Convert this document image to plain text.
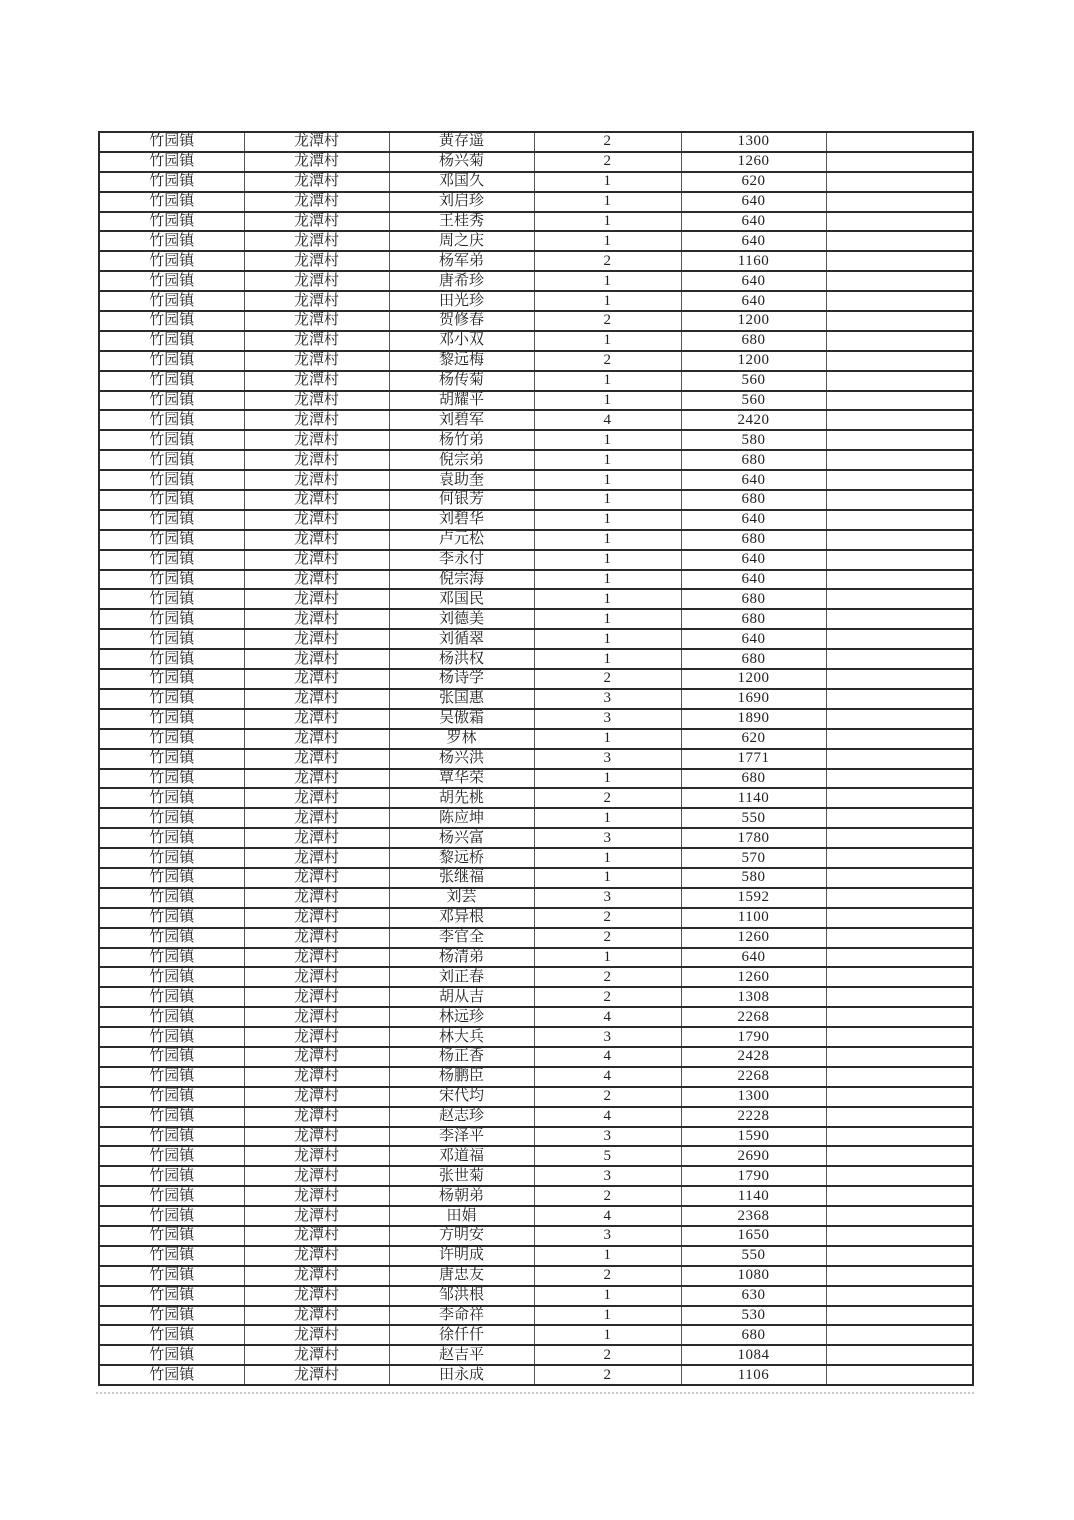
竹园镇	龙潭村	黄存遥	2	1300	
竹园镇	龙潭村	杨兴菊	2	1260	
竹园镇	龙潭村	邓国久	1	620	
竹园镇	龙潭村	刘启珍	1	640	
竹园镇	龙潭村	王桂秀	1	640	
竹园镇	龙潭村	周之庆	1	640	
竹园镇	龙潭村	杨军弟	2	1160	
竹园镇	龙潭村	唐希珍	1	640	
竹园镇	龙潭村	田光珍	1	640	
竹园镇	龙潭村	贺修春	2	1200	
竹园镇	龙潭村	邓小双	1	680	
竹园镇	龙潭村	黎远梅	2	1200	
竹园镇	龙潭村	杨传菊	1	560	
竹园镇	龙潭村	胡耀平	1	560	
竹园镇	龙潭村	刘碧军	4	2420	
竹园镇	龙潭村	杨竹弟	1	580	
竹园镇	龙潭村	倪宗弟	1	680	
竹园镇	龙潭村	袁助奎	1	640	
竹园镇	龙潭村	何银芳	1	680	
竹园镇	龙潭村	刘碧华	1	640	
竹园镇	龙潭村	卢元松	1	680	
竹园镇	龙潭村	李永付	1	640	
竹园镇	龙潭村	倪宗海	1	640	
竹园镇	龙潭村	邓国民	1	680	
竹园镇	龙潭村	刘德美	1	680	
竹园镇	龙潭村	刘循翠	1	640	
竹园镇	龙潭村	杨洪权	1	680	
竹园镇	龙潭村	杨诗学	2	1200	
竹园镇	龙潭村	张国惠	3	1690	
竹园镇	龙潭村	吴傲霜	3	1890	
竹园镇	龙潭村	罗林	1	620	
竹园镇	龙潭村	杨兴洪	3	1771	
竹园镇	龙潭村	覃华荣	1	680	
竹园镇	龙潭村	胡先桃	2	1140	
竹园镇	龙潭村	陈应坤	1	550	
竹园镇	龙潭村	杨兴富	3	1780	
竹园镇	龙潭村	黎远桥	1	570	
竹园镇	龙潭村	张继福	1	580	
竹园镇	龙潭村	刘芸	3	1592	
竹园镇	龙潭村	邓异根	2	1100	
竹园镇	龙潭村	李官全	2	1260	
竹园镇	龙潭村	杨清弟	1	640	
竹园镇	龙潭村	刘正春	2	1260	
竹园镇	龙潭村	胡从吉	2	1308	
竹园镇	龙潭村	林远珍	4	2268	
竹园镇	龙潭村	林大兵	3	1790	
竹园镇	龙潭村	杨正香	4	2428	
竹园镇	龙潭村	杨鹏臣	4	2268	
竹园镇	龙潭村	宋代均	2	1300	
竹园镇	龙潭村	赵志珍	4	2228	
竹园镇	龙潭村	李泽平	3	1590	
竹园镇	龙潭村	邓道福	5	2690	
竹园镇	龙潭村	张世菊	3	1790	
竹园镇	龙潭村	杨朝弟	2	1140	
竹园镇	龙潭村	田娟	4	2368	
竹园镇	龙潭村	方明安	3	1650	
竹园镇	龙潭村	许明成	1	550	
竹园镇	龙潭村	唐忠友	2	1080	
竹园镇	龙潭村	邹洪根	1	630	
竹园镇	龙潭村	李命祥	1	530	
竹园镇	龙潭村	徐仟仟	1	680	
竹园镇	龙潭村	赵吉平	2	1084	
竹园镇	龙潭村	田永成	2	1106	
